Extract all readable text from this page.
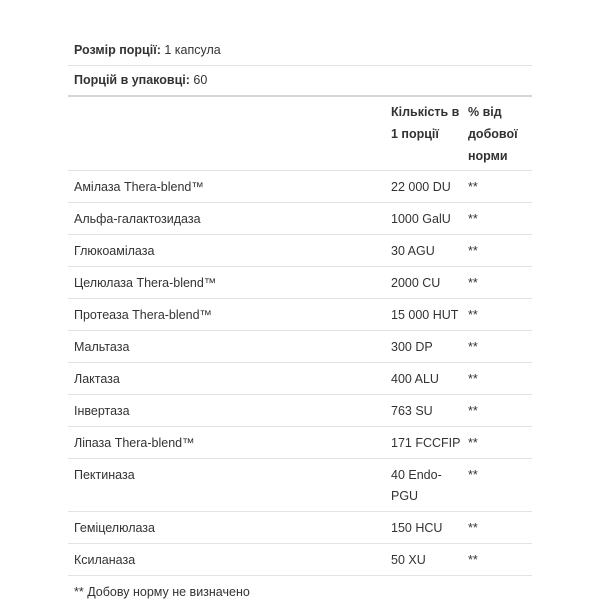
Розмір порції: 1 капсула
Порцій в упаковці: 60
	Кількість в 1 порції	% від добової норми
Амілаза Thera-blend™	22 000 DU	**
Альфа-галактозидаза	1000 GalU	**
Глюкоамілаза	30 AGU	**
Целюлаза Thera-blend™	2000 CU	**
Протеаза Thera-blend™	15 000 HUT	**
Мальтаза	300 DP	**
Лактаза	400 ALU	**
Інвертаза	763 SU	**
Ліпаза Thera-blend™	171 FCCFIP	**
Пектиназа	40 Endo-PGU	**
Геміцелюлаза	150 HCU	**
Ксиланаза	50 XU	**
** Добову норму не визначено
